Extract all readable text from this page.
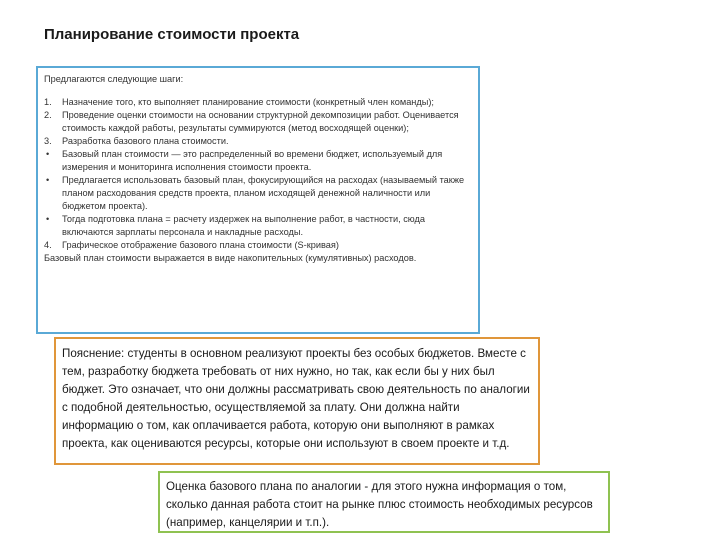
Планирование стоимости проекта

Предлагаются следующие шаги:

1.	Назначение того, кто выполняет планирование стоимости (конкретный член команды);
2.	Проведение оценки стоимости на основании структурной декомпозиции работ. Оценивается стоимость каждой работы, результаты суммируются (метод восходящей оценки);
3.	Разработка базового плана стоимости.
•	Базовый план стоимости — это распределенный во времени бюджет, используемый для измерения и мониторинга исполнения стоимости проекта.
•	Предлагается использовать базовый план, фокусирующийся на расходах (называемый также планом расходования средств проекта, планом исходящей денежной наличности или бюджетом проекта).
•	Тогда подготовка плана = расчету издержек на выполнение работ, в частности, сюда включаются зарплаты персонала и накладные расходы.
4.	Графическое отображение базового плана стоимости (S-кривая)

Базовый план стоимости выражается в виде накопительных (кумулятивных) расходов.

Пояснение: студенты в основном реализуют проекты без особых бюджетов. Вместе с тем, разработку бюджета требовать от них нужно, но так, как если бы у них был бюджет. Это означает, что они должны рассматривать свою деятельность по аналогии с подобной деятельностью, осуществляемой за плату. Они должна найти информацию о том, как оплачивается работа, которую они выполняют в рамках проекта, как оцениваются ресурсы, которые они используют в своем проекте и т.д.
Оценка базового плана по аналогии - для этого нужна информация о том, сколько данная работа стоит на рынке плюс стоимость необходимых ресурсов (например, канцелярии и т.п.).
